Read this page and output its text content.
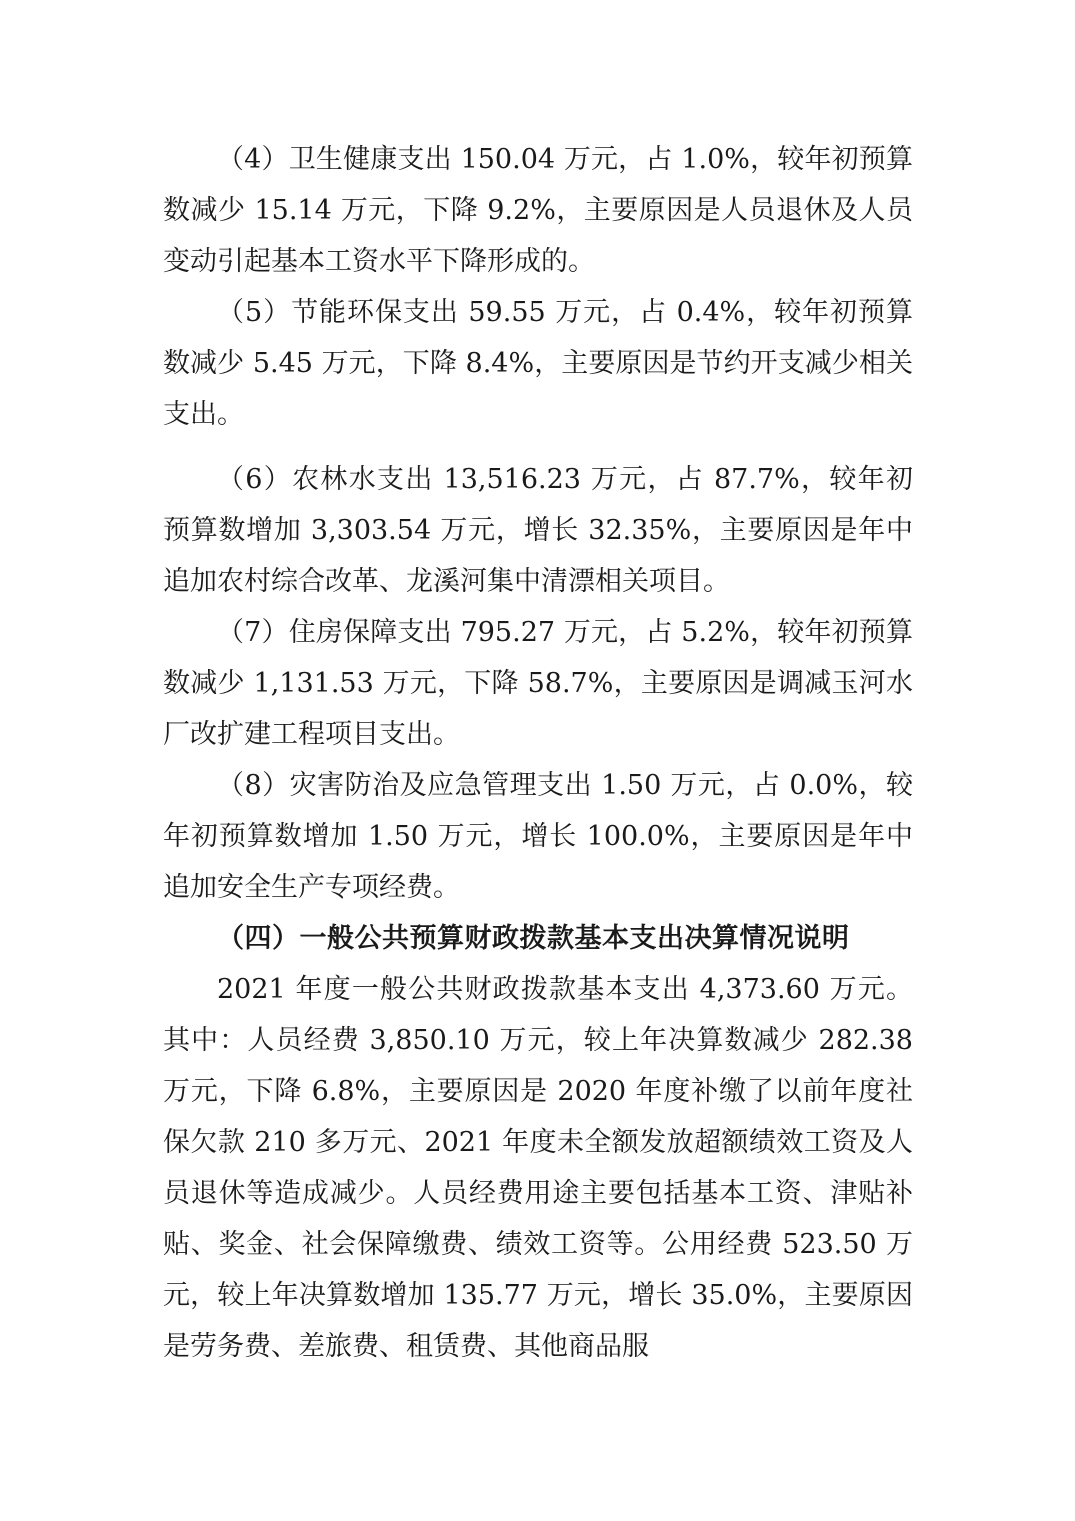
（4）卫生健康支出 150.04 万元，占 1.0%，较年初预算数减少 15.14 万元，下降 9.2%，主要原因是人员退休及人员变动引起基本工资水平下降形成的。

（5）节能环保支出 59.55 万元，占 0.4%，较年初预算数减少 5.45 万元，下降 8.4%，主要原因是节约开支减少相关支出。

（6）农林水支出 13,516.23 万元，占 87.7%，较年初预算数增加 3,303.54 万元，增长 32.35%，主要原因是年中追加农村综合改革、龙溪河集中清漂相关项目。

（7）住房保障支出 795.27 万元，占 5.2%，较年初预算数减少 1,131.53 万元，下降 58.7%，主要原因是调减玉河水厂改扩建工程项目支出。

（8）灾害防治及应急管理支出 1.50 万元，占 0.0%，较年初预算数增加 1.50 万元，增长 100.0%，主要原因是年中追加安全生产专项经费。

（四）一般公共预算财政拨款基本支出决算情况说明

2021 年度一般公共财政拨款基本支出 4,373.60 万元。其中：人员经费 3,850.10 万元，较上年决算数减少 282.38 万元，下降 6.8%，主要原因是 2020 年度补缴了以前年度社保欠款 210 多万元、2021 年度未全额发放超额绩效工资及人员退休等造成减少。人员经费用途主要包括基本工资、津贴补贴、奖金、社会保障缴费、绩效工资等。公用经费 523.50 万元，较上年决算数增加 135.77 万元，增长 35.0%，主要原因是劳务费、差旅费、租赁费、其他商品服
